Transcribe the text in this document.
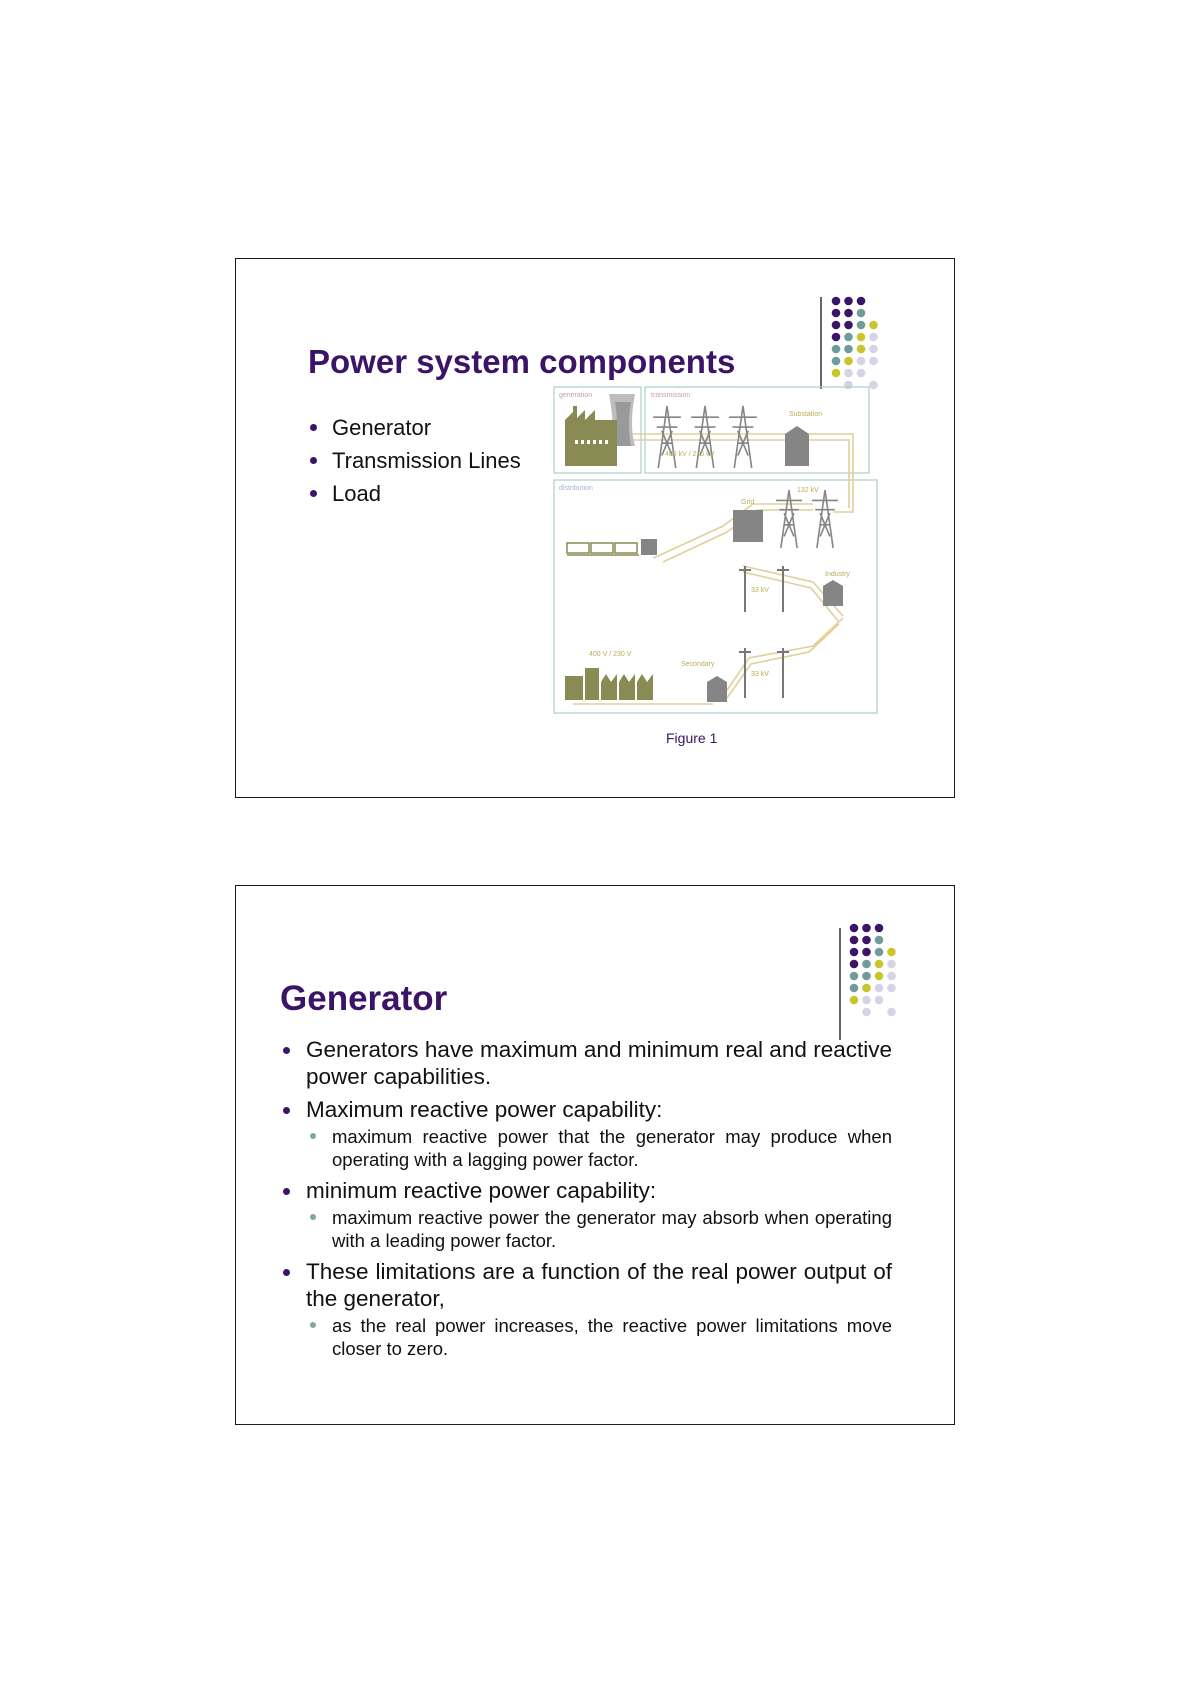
Power system components
Generator
Transmission Lines
Load
generation	transmission
distribution
400 kV / 275 kV
Substation
Grid
132 kV
Industry
33 kV
33 kV
Secondary
400 V / 230 V
Figure 1
Generator
Generators have maximum and minimum real and reactive power capabilities.
Maximum reactive power capability:
maximum reactive power that the generator may produce when operating with a lagging power factor.
minimum reactive power capability:
maximum reactive power the generator may absorb when operating with a leading power factor.
These limitations are a function of the real power output of the generator,
as the real power increases, the reactive power limitations move closer to zero.
